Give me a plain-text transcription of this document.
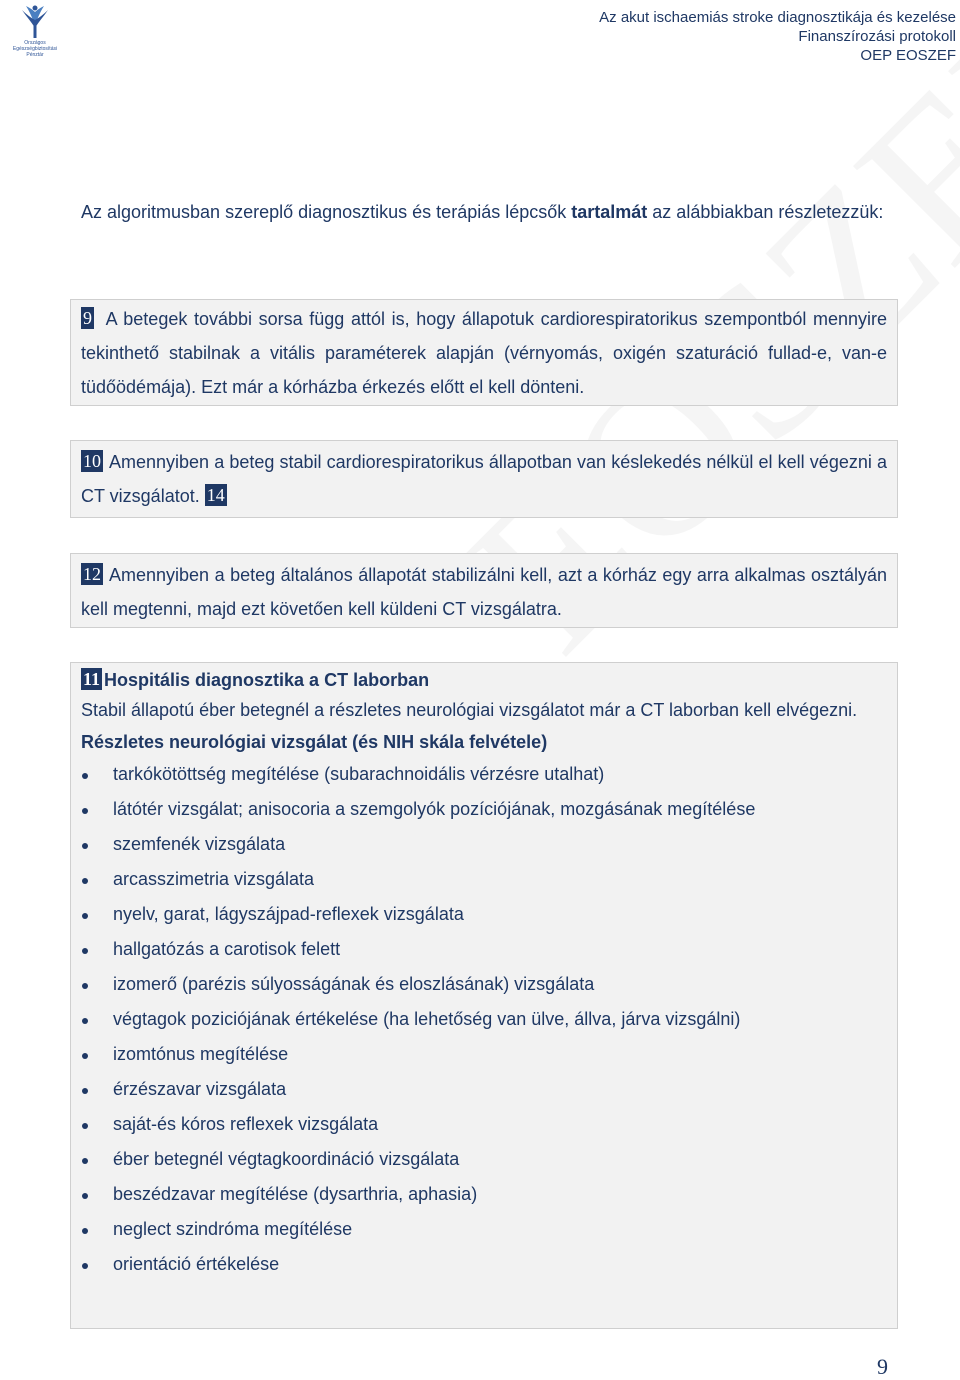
Országos Egészségbiztosítási Pénztár
Az akut ischaemiás stroke diagnosztikája és kezelése
Finanszírozási protokoll
OEP EOSZEF
Az algoritmusban szereplő diagnosztikus és terápiás lépcsők tartalmát az alábbiakban részletezzük:

9 A betegek további sorsa függ attól is, hogy állapotuk cardiorespiratorikus szempontból mennyire tekinthető stabilnak a vitális paraméterek alapján (vérnyomás, oxigén szaturáció fullad-e, van-e tüdőödémája). Ezt már a kórházba érkezés előtt el kell dönteni.

10 Amennyiben a beteg stabil cardiorespiratorikus állapotban van késlekedés nélkül el kell végezni a CT vizsgálatot. 14

12 Amennyiben a beteg általános állapotát stabilizálni kell, azt a kórház egy arra alkalmas osztályán kell megtenni, majd ezt követően kell küldeni CT vizsgálatra.

11 Hospitális diagnosztika a CT laborban

Stabil állapotú éber betegnél a részletes neurológiai vizsgálatot már a CT laborban kell elvégezni.

Részletes neurológiai vizsgálat (és NIH skála felvétele)
tarkókötöttség megítélése (subarachnoidális vérzésre utalhat)
látótér vizsgálat; anisocoria a szemgolyók pozíciójának, mozgásának megítélése
szemfenék vizsgálata
arcasszimetria vizsgálata
nyelv, garat, lágyszájpad-reflexek vizsgálata
hallgatózás a carotisok felett
izomerő (parézis súlyosságának és eloszlásának) vizsgálata
végtagok poziciójának értékelése (ha lehetőség van ülve, állva, járva vizsgálni)
izomtónus megítélése
érzészavar vizsgálata
saját-és kóros reflexek vizsgálata
éber betegnél végtagkoordináció vizsgálata
beszédzavar megítélése (dysarthria, aphasia)
neglect szindróma megítélése
orientáció értékelése
9
